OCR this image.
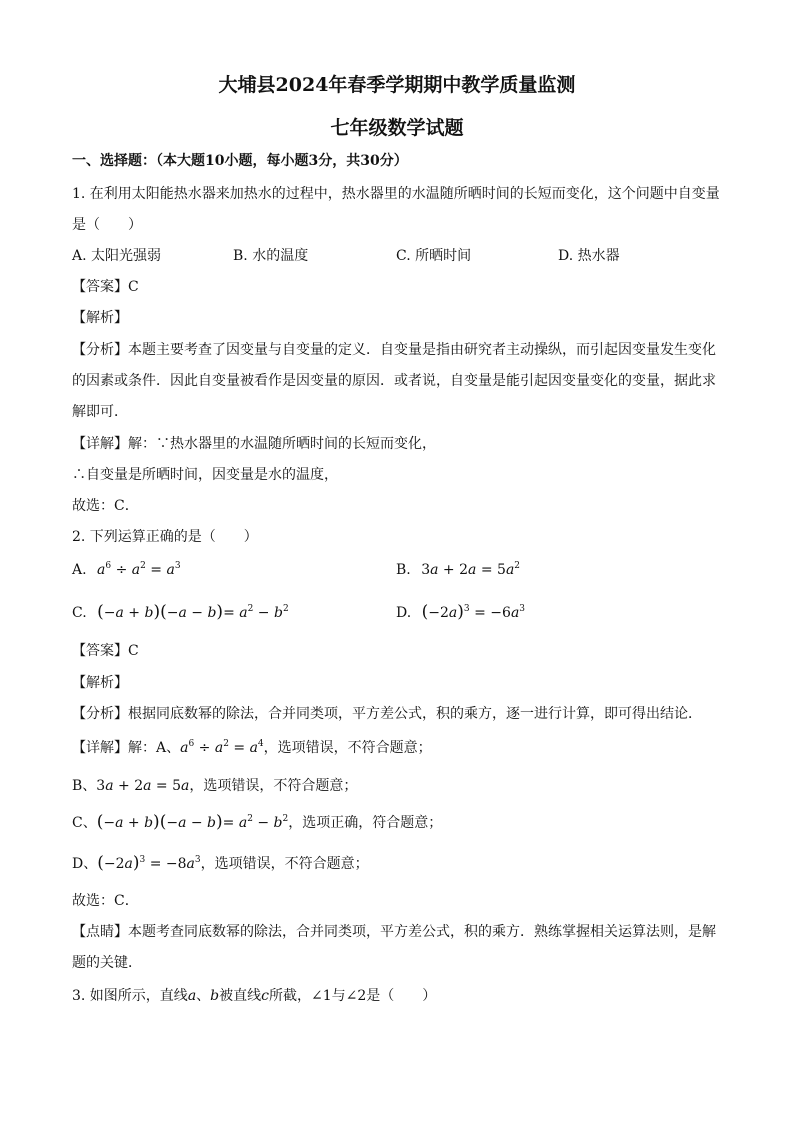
大埔县2024年春季学期期中教学质量监测
七年级数学试题
一、选择题：（本大题10小题，每小题3分，共30分）
1. 在利用太阳能热水器来加热水的过程中，热水器里的水温随所晒时间的长短而变化，这个问题中自变量
是（　　）
A. 太阳光强弱	B. 水的温度	C. 所晒时间	D. 热水器
【答案】C
【解析】
【分析】本题主要考查了因变量与自变量的定义．自变量是指由研究者主动操纵，而引起因变量发生变化
的因素或条件．因此自变量被看作是因变量的原因．或者说，自变量是能引起因变量变化的变量，据此求
解即可．
【详解】解：∵热水器里的水温随所晒时间的长短而变化，
∴自变量是所晒时间，因变量是水的温度，
故选：C．
2. 下列运算正确的是（　　）
A. $a^6 \div a^2 = a^3$	B. $3a + 2a = 5a^2$
C. $(-a + b)(-a - b)= a^2 - b^2$	D. $(-2a)^3 = -6a^3$
【答案】C
【解析】
【分析】根据同底数幂的除法，合并同类项，平方差公式，积的乘方，逐一进行计算，即可得出结论．
【详解】解：A、$a^6 \div a^2 = a^4$，选项错误，不符合题意；
B、3a + 2a = 5a，选项错误，不符合题意；
C、$(-a + b)(-a - b)= a^2 - b^2$，选项正确，符合题意；
D、$(-2a)^3 = -8a^3$，选项错误，不符合题意；
故选：C．
【点睛】本题考查同底数幂的除法，合并同类项，平方差公式，积的乘方．熟练掌握相关运算法则，是解
题的关键．
3. 如图所示，直线a、b被直线c所截，∠1与∠2是（　　）
